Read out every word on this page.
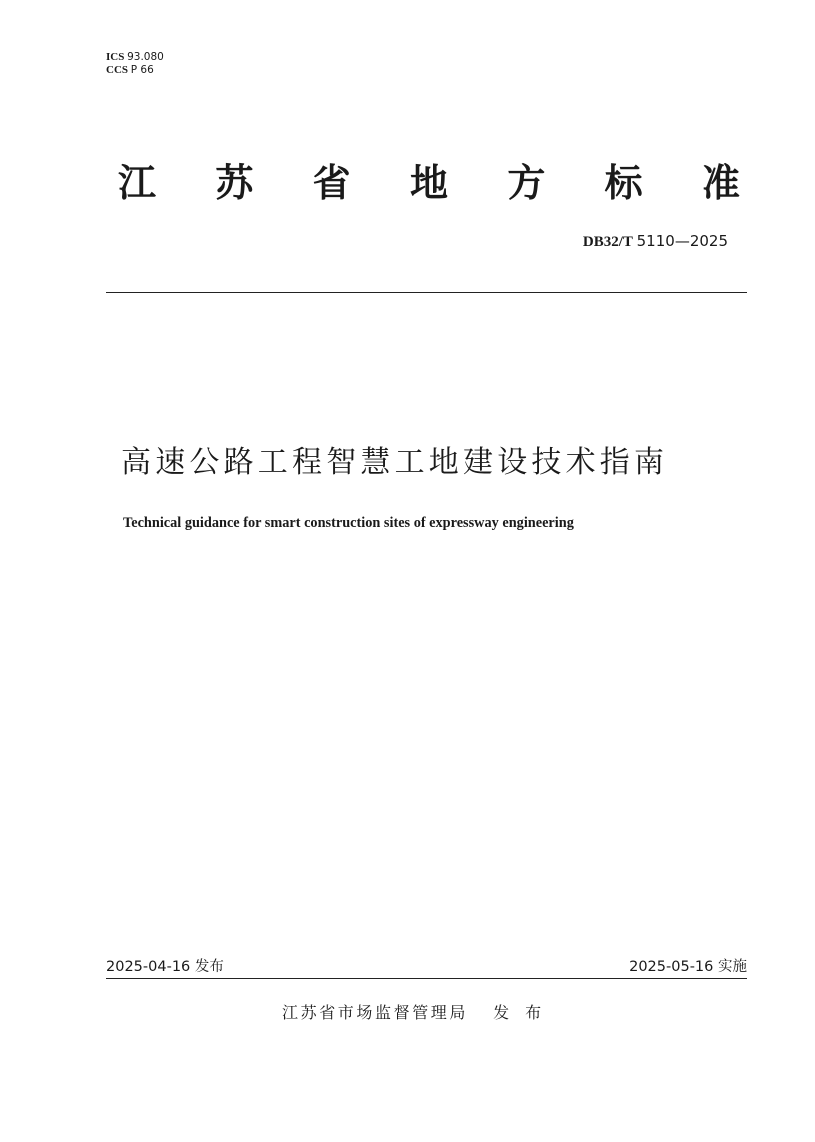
ICS 93.080
CCS P 66
江 苏 省 地 方 标 准
DB32/T 5110—2025
高速公路工程智慧工地建设技术指南
Technical guidance for smart construction sites of expressway engineering
2025-04-16 发布	2025-05-16 实施
江苏省市场监督管理局 发布
